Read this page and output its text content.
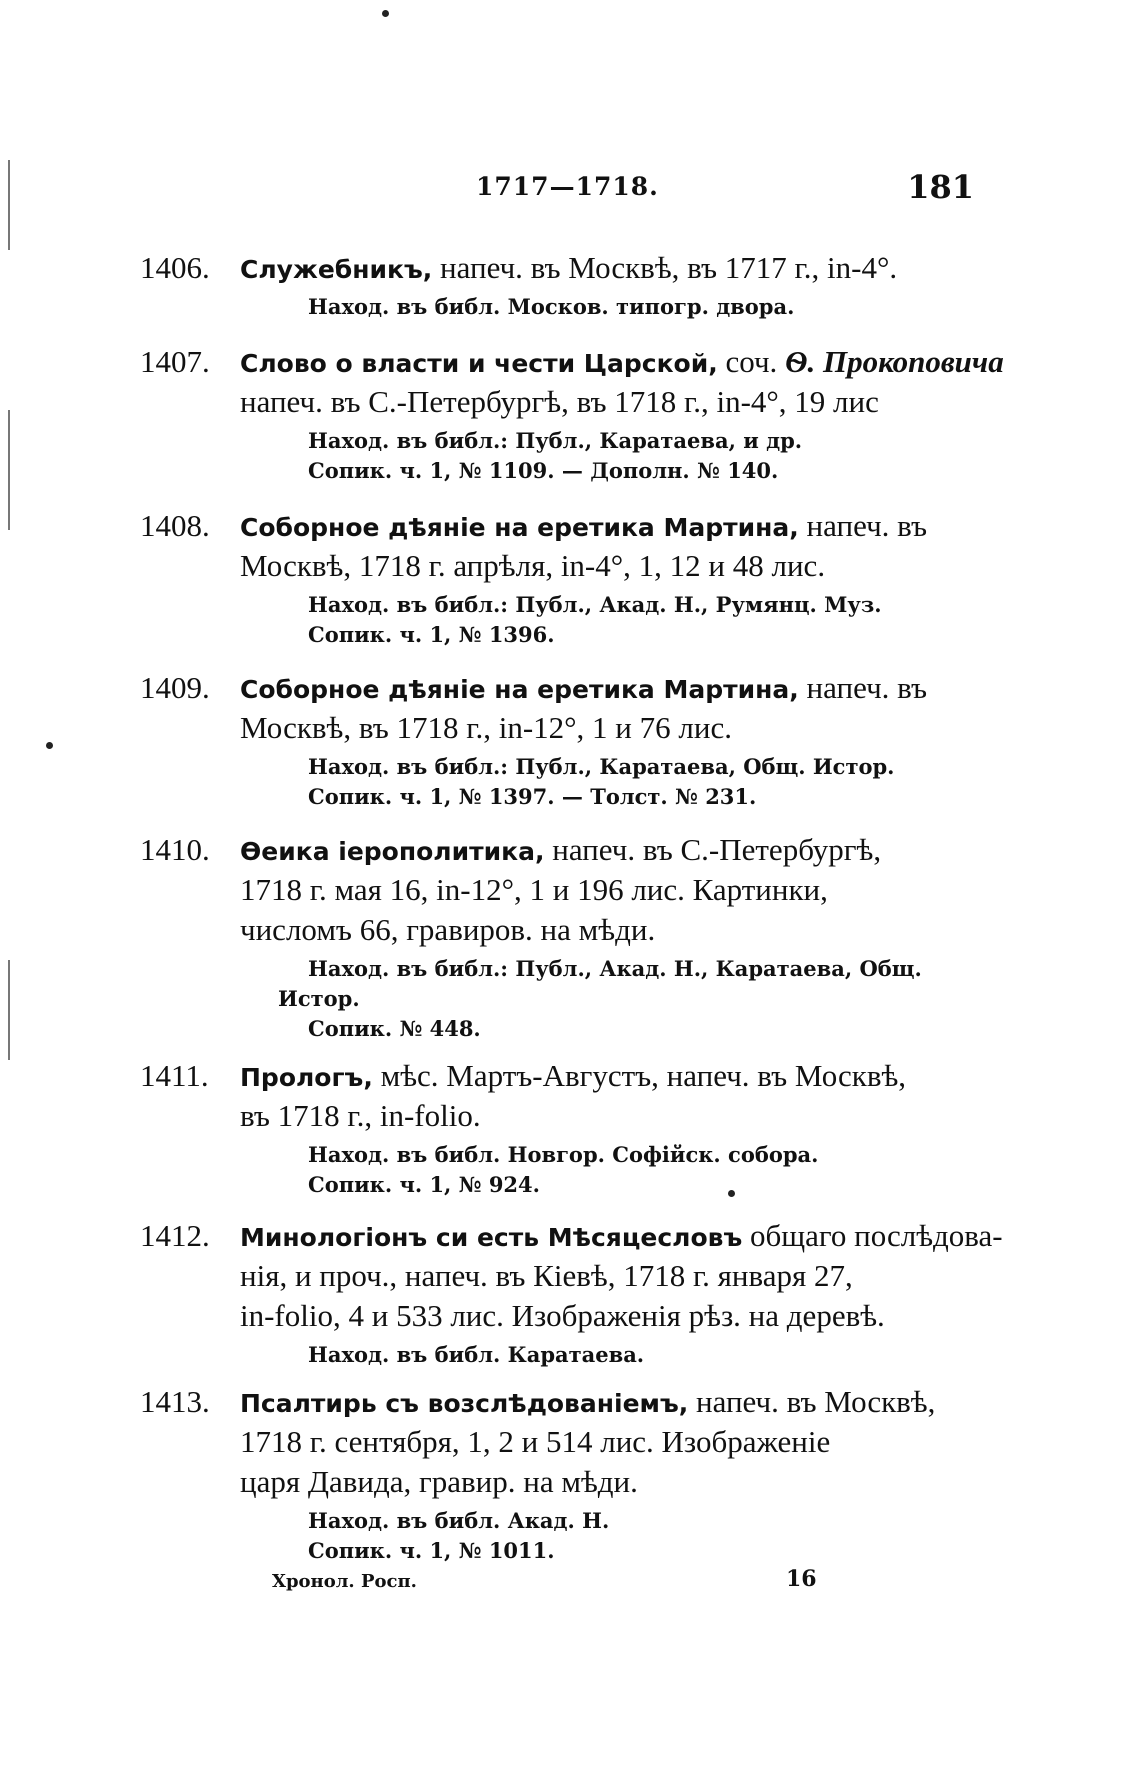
1717—1718.	181
1406. Служебникъ, напеч. въ Москвѣ, въ 1717 г., in-4°.
Наход. въ библ. Москов. типогр. двора.
1407. Слово о власти и чести Царской, соч. Ѳ. Прокоповича
напеч. въ С.-Петербургѣ, въ 1718 г., in-4°, 19 лис
Наход. въ библ.: Публ., Каратаева, и др.
Сопик. ч. 1, № 1109. — Дополн. № 140.
1408. Соборное дѣяніе на еретика Мартина, напеч. въ
Москвѣ, 1718 г. апрѣля, in-4°, 1, 12 и 48 лис.
Наход. въ библ.: Публ., Акад. Н., Румянц. Муз.
Сопик. ч. 1, № 1396.
1409. Соборное дѣяніе на еретика Мартина, напеч. въ
Москвѣ, въ 1718 г., in-12°, 1 и 76 лис.
Наход. въ библ.: Публ., Каратаева, Общ. Истор.
Сопик. ч. 1, № 1397. — Толст. № 231.
1410. Ѳеика іерополитика, напеч. въ С.-Петербургѣ,
1718 г. мая 16, in-12°, 1 и 196 лис. Картинки,
числомъ 66, гравиров. на мѣди.
Наход. въ библ.: Публ., Акад. Н., Каратаева, Общ.
Истор.
Сопик. № 448.
1411. Прологъ, мѣс. Мартъ-Августъ, напеч. въ Москвѣ,
въ 1718 г., in-folio.
Наход. въ библ. Новгор. Софійск. собора.
Сопик. ч. 1, № 924.
1412. Минологіонъ си есть Мѣсяцесловъ общаго послѣдова-
нія, и проч., напеч. въ Кіевѣ, 1718 г. января 27,
in-folio, 4 и 533 лис. Изображенія рѣз. на деревѣ.
Наход. въ библ. Каратаева.
1413. Псалтирь съ возслѣдованіемъ, напеч. въ Москвѣ,
1718 г. сентября, 1, 2 и 514 лис. Изображеніе
царя Давида, гравир. на мѣди.
Наход. въ библ. Акад. Н.
Сопик. ч. 1, № 1011.
Хронол. Росп.	16
